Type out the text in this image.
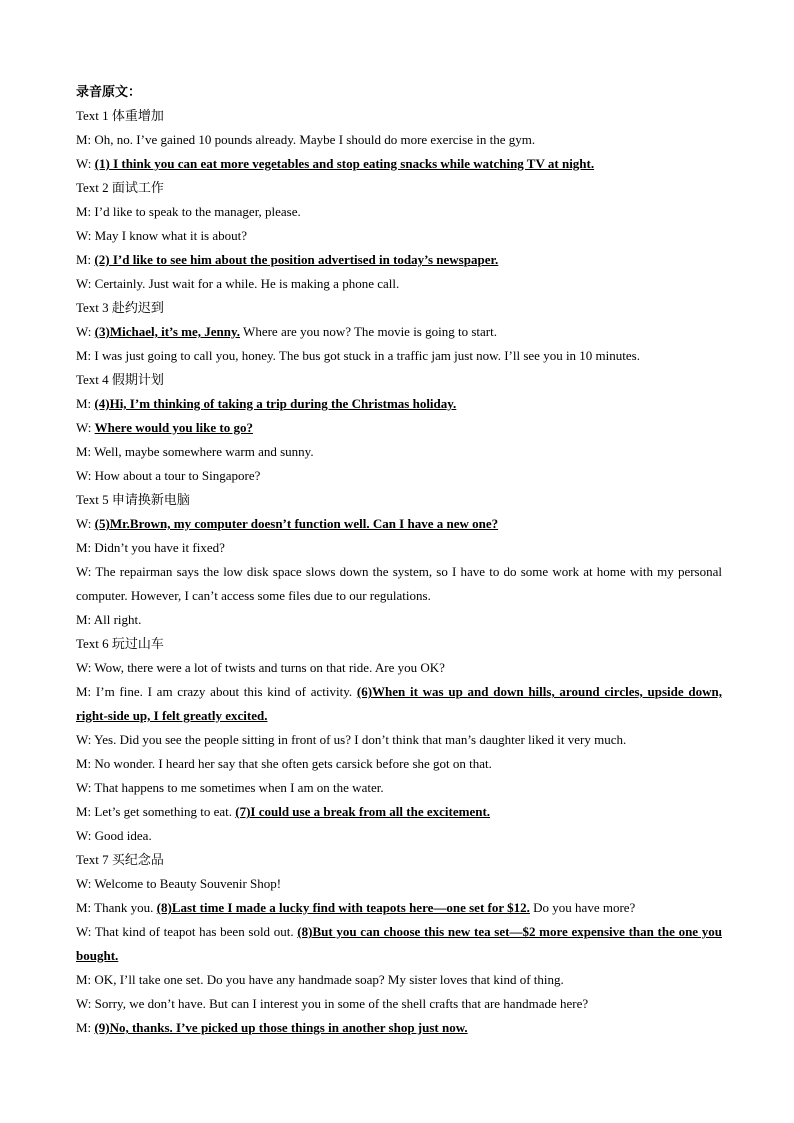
录音原文：
Text 1 体重增加
M: Oh, no. I’ve gained 10 pounds already. Maybe I should do more exercise in the gym.
W: (1) I think you can eat more vegetables and stop eating snacks while watching TV at night.
Text 2 面试工作
M: I’d like to speak to the manager, please.
W: May I know what it is about?
M: (2) I’d like to see him about the position advertised in today’s newspaper.
W: Certainly. Just wait for a while. He is making a phone call.
Text 3 赴约迟到
W: (3)Michael, it’s me, Jenny. Where are you now? The movie is going to start.
M: I was just going to call you, honey. The bus got stuck in a traffic jam just now. I’ll see you in 10 minutes.
Text 4 假期计划
M: (4)Hi, I’m thinking of taking a trip during the Christmas holiday.
W: Where would you like to go?
M: Well, maybe somewhere warm and sunny.
W: How about a tour to Singapore?
Text 5 申请换新电脑
W: (5)Mr.Brown, my computer doesn’t function well. Can I have a new one?
M: Didn’t you have it fixed?
W: The repairman says the low disk space slows down the system, so I have to do some work at home with my personal computer. However, I can’t access some files due to our regulations.
M: All right.
Text 6 玩过山车
W: Wow, there were a lot of twists and turns on that ride. Are you OK?
M: I’m fine. I am crazy about this kind of activity. (6)When it was up and down hills, around circles, upside down, right-side up, I felt greatly excited.
W: Yes. Did you see the people sitting in front of us? I don’t think that man’s daughter liked it very much.
M: No wonder. I heard her say that she often gets carsick before she got on that.
W: That happens to me sometimes when I am on the water.
M: Let’s get something to eat. (7)I could use a break from all the excitement.
W: Good idea.
Text 7 买纪念品
W: Welcome to Beauty Souvenir Shop!
M: Thank you. (8)Last time I made a lucky find with teapots here—one set for $12. Do you have more?
W: That kind of teapot has been sold out. (8)But you can choose this new tea set—$2 more expensive than the one you bought.
M: OK, I’ll take one set. Do you have any handmade soap? My sister loves that kind of thing.
W: Sorry, we don’t have. But can I interest you in some of the shell crafts that are handmade here?
M: (9)No, thanks. I’ve picked up those things in another shop just now.
